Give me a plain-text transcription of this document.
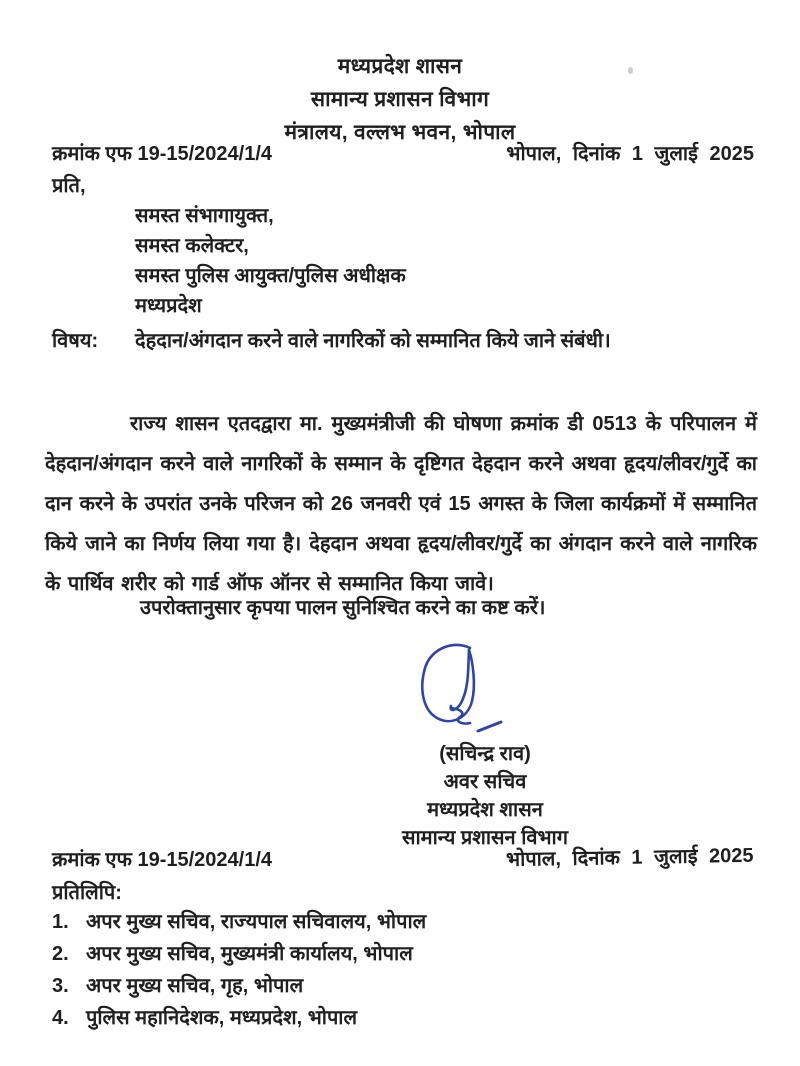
मध्यप्रदेश शासन
सामान्य प्रशासन विभाग
मंत्रालय, वल्लभ भवन, भोपाल
क्रमांक एफ 19-15/2024/1/4	भोपाल, दिनांक 1 जुलाई 2025
प्रति,
समस्त संभागायुक्त,
समस्त कलेक्टर,
समस्त पुलिस आयुक्त/पुलिस अधीक्षक
मध्यप्रदेश
विषय:	देहदान/अंगदान करने वाले नागरिकों को सम्मानित किये जाने संबंधी।

राज्य शासन एतदद्वारा मा. मुख्यमंत्रीजी की घोषणा क्रमांक डी 0513 के परिपालन में देहदान/अंगदान करने वाले नागरिकों के सम्मान के दृष्टिगत देहदान करने अथवा हृदय/लीवर/गुर्दे का दान करने के उपरांत उनके परिजन को 26 जनवरी एवं 15 अगस्त के जिला कार्यक्रमों में सम्मानित किये जाने का निर्णय लिया गया है। देहदान अथवा हृदय/लीवर/गुर्दे का अंगदान करने वाले नागरिक के पार्थिव शरीर को गार्ड ऑफ ऑनर से सम्मानित किया जावे।

उपरोक्तानुसार कृपया पालन सुनिश्चित करने का कष्ट करें।
(सचिन्द्र राव)
अवर सचिव
मध्यप्रदेश शासन
सामान्य प्रशासन विभाग
क्रमांक एफ 19-15/2024/1/4	भोपाल, दिनांक 1 जुलाई 2025
प्रतिलिपि:
1. अपर मुख्य सचिव, राज्यपाल सचिवालय, भोपाल
2. अपर मुख्य सचिव, मुख्यमंत्री कार्यालय, भोपाल
3. अपर मुख्य सचिव, गृह, भोपाल
4. पुलिस महानिदेशक, मध्यप्रदेश, भोपाल
